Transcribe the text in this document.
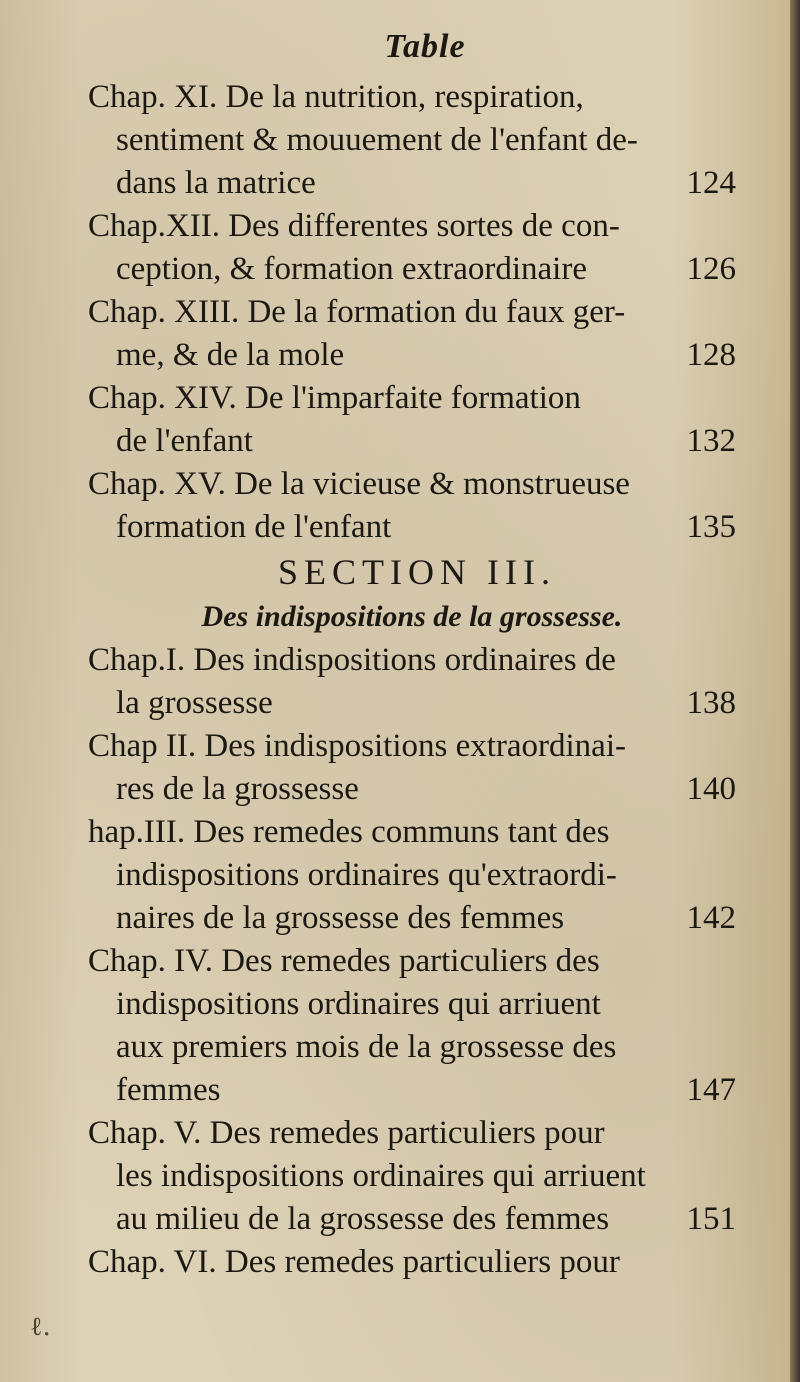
Table
Chap. XI. De la nutrition, respiration,
sentiment & mouuement de l'enfant de-
dans la matrice	124
Chap.XII. Des differentes sortes de con-
ception, & formation extraordinaire	126
Chap. XIII. De la formation du faux ger-
me, & de la mole	128
Chap. XIV. De l'imparfaite formation
de l'enfant	132
Chap. XV. De la vicieuse & monstrueuse
formation de l'enfant	135
SECTION III.
Des indispositions de la grossesse.
Chap.I. Des indispositions ordinaires de
la grossesse	138
Chap II. Des indispositions extraordinai-
res de la grossesse	140
hap.III. Des remedes communs tant des
indispositions ordinaires qu'extraordi-
naires de la grossesse des femmes	142
Chap. IV. Des remedes particuliers des
indispositions ordinaires qui arriuent
aux premiers mois de la grossesse des
femmes	147
Chap. V. Des remedes particuliers pour
les indispositions ordinaires qui arriuent
au milieu de la grossesse des femmes 151
Chap. VI. Des remedes particuliers pour
ℓ.
